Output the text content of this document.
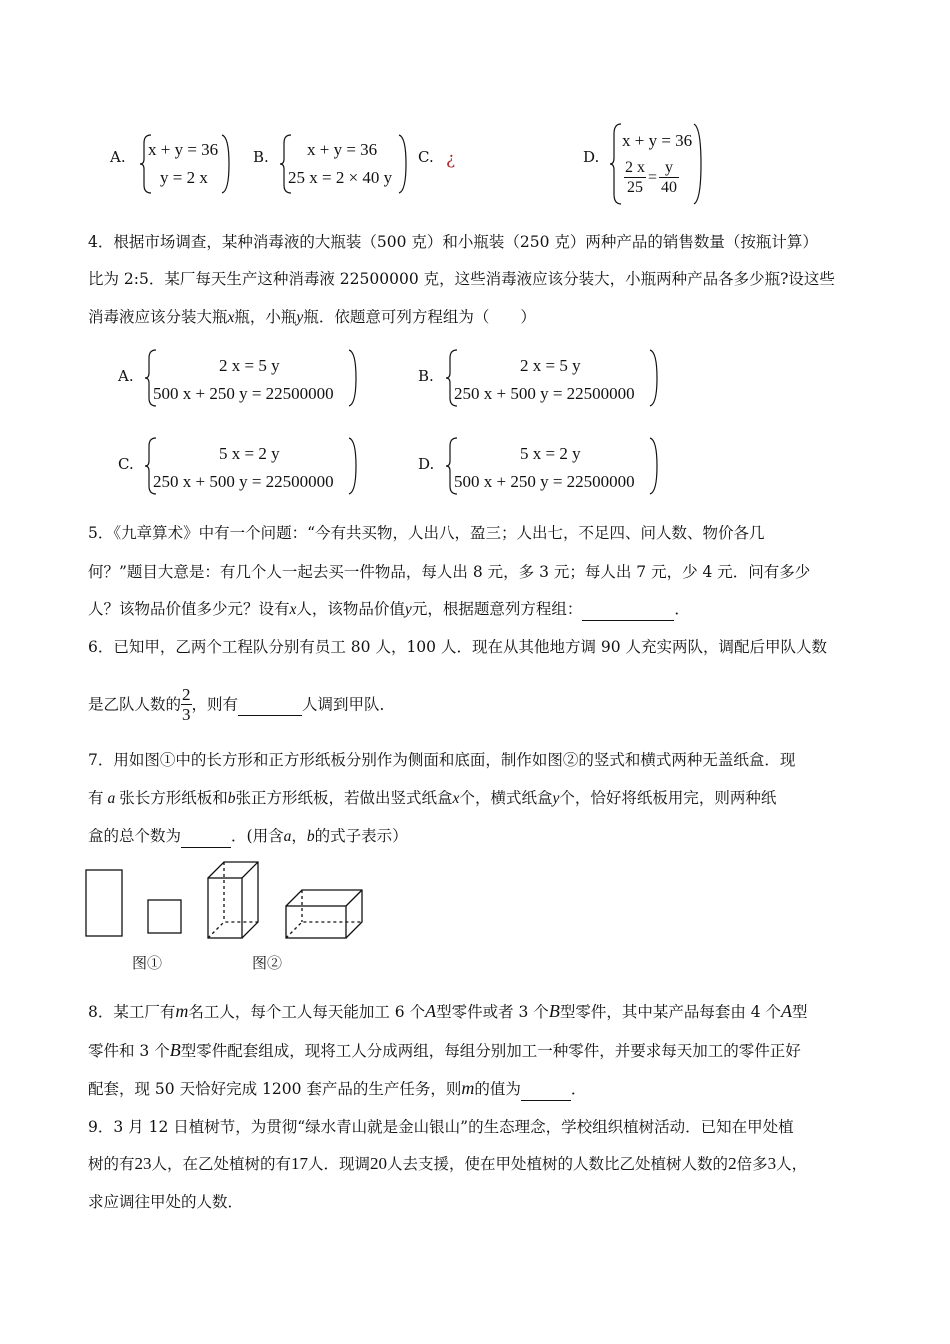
A. x + y = 36
y = 2 x
B. x + y = 36
25 x = 2 × 40 y
C. ¿	D.
x + y = 36
$\frac{2 x}{25} = \frac{y}{40}$
4．根据市场调查，某种消毒液的大瓶装（500 克）和小瓶装（250 克）两种产品的销售数量（按瓶计算）
比为 2:5．某厂每天生产这种消毒液 22500000 克，这些消毒液应该分装大，小瓶两种产品各多少瓶?设这些
消毒液应该分装大瓶x瓶，小瓶y瓶．依题意可列方程组为（　　）
A.
2 x = 5 y
500 x + 250 y = 22500000
B.
2 x = 5 y
250 x + 500 y = 22500000
C.
5 x = 2 y
250 x + 500 y = 22500000
D.
5 x = 2 y
500 x + 250 y = 22500000
5．《九章算术》中有一个问题：“今有共买物，人出八，盈三；人出七，不足四、问人数、物价各几
何？”题目大意是：有几个人一起去买一件物品，每人出 8 元，多 3 元；每人出 7 元，少 4 元．问有多少
人？该物品价值多少元？设有x人，该物品价值y元，根据题意列方程组：	．
6．已知甲，乙两个工程队分别有员工 80 人，100 人．现在从其他地方调 90 人充实两队，调配后甲队人数
是乙队人数的 $\frac{2}{3}$ ，则有	人调到甲队．
7．用如图①中的长方形和正方形纸板分别作为侧面和底面，制作如图②的竖式和横式两种无盖纸盒．现
有 a 张长方形纸板和b张正方形纸板，若做出竖式纸盒x个，横式纸盒y个，恰好将纸板用完，则两种纸
盒的总个数为	．(用含a，b的式子表示）
图①	图②
8．某工厂有m名工人，每个工人每天能加工 6 个A型零件或者 3 个B型零件，其中某产品每套由 4 个A型
零件和 3 个B型零件配套组成，现将工人分成两组，每组分别加工一种零件，并要求每天加工的零件正好
配套，现 50 天恰好完成 1200 套产品的生产任务，则m的值为	．
9．3 月 12 日植树节，为贯彻“绿水青山就是金山银山”的生态理念，学校组织植树活动．已知在甲处植
树的有23人，在乙处植树的有17人．现调20人去支援，使在甲处植树的人数比乙处植树人数的2倍多3人，
求应调往甲处的人数．
